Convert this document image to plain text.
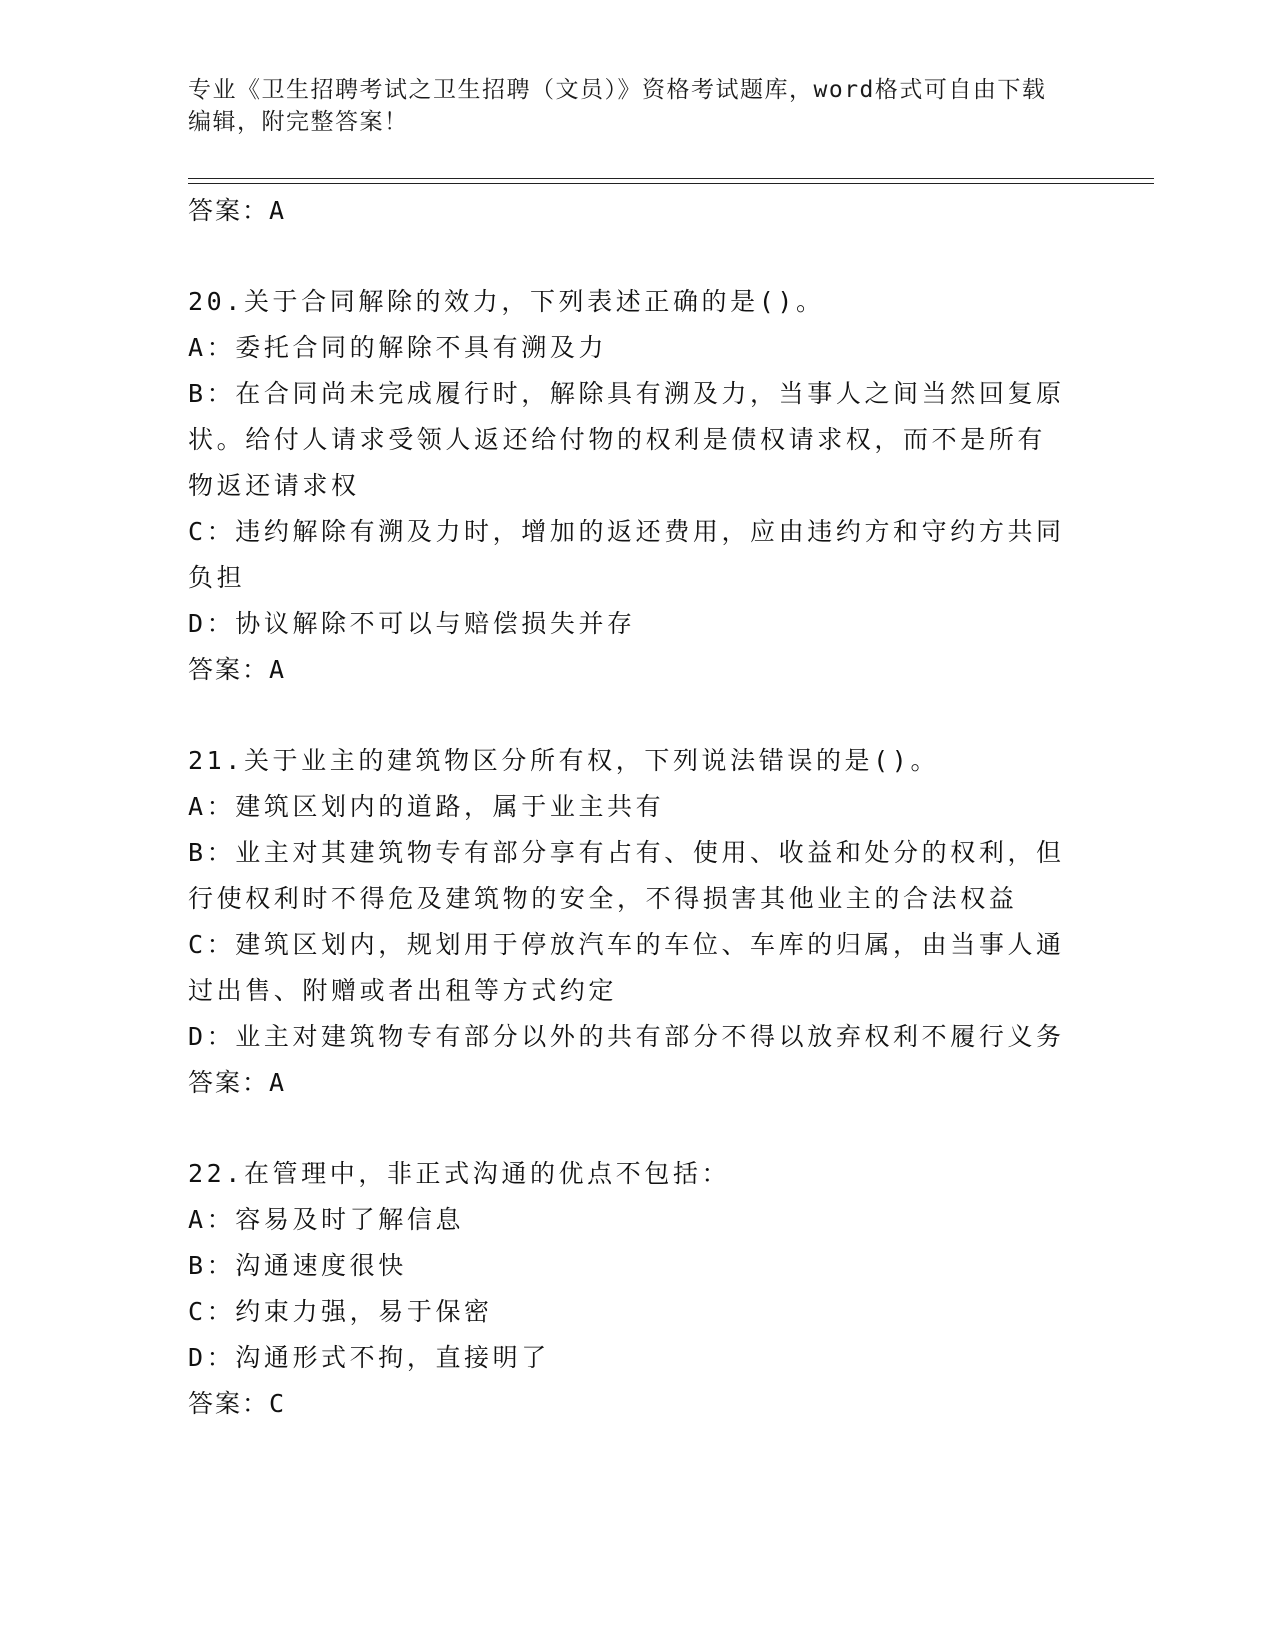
专业《卫生招聘考试之卫生招聘（文员）》资格考试题库，word格式可自由下载
编辑，附完整答案！
答案：A
20.关于合同解除的效力，下列表述正确的是()。
A：委托合同的解除不具有溯及力
B：在合同尚未完成履行时，解除具有溯及力，当事人之间当然回复原
状。给付人请求受领人返还给付物的权利是债权请求权，而不是所有
物返还请求权
C：违约解除有溯及力时，增加的返还费用，应由违约方和守约方共同
负担
D：协议解除不可以与赔偿损失并存
答案：A
21.关于业主的建筑物区分所有权，下列说法错误的是()。
A：建筑区划内的道路，属于业主共有
B：业主对其建筑物专有部分享有占有、使用、收益和处分的权利，但
行使权利时不得危及建筑物的安全，不得损害其他业主的合法权益
C：建筑区划内，规划用于停放汽车的车位、车库的归属，由当事人通
过出售、附赠或者出租等方式约定
D：业主对建筑物专有部分以外的共有部分不得以放弃权利不履行义务
答案：A
22.在管理中，非正式沟通的优点不包括：
A：容易及时了解信息
B：沟通速度很快
C：约束力强，易于保密
D：沟通形式不拘，直接明了
答案：C
